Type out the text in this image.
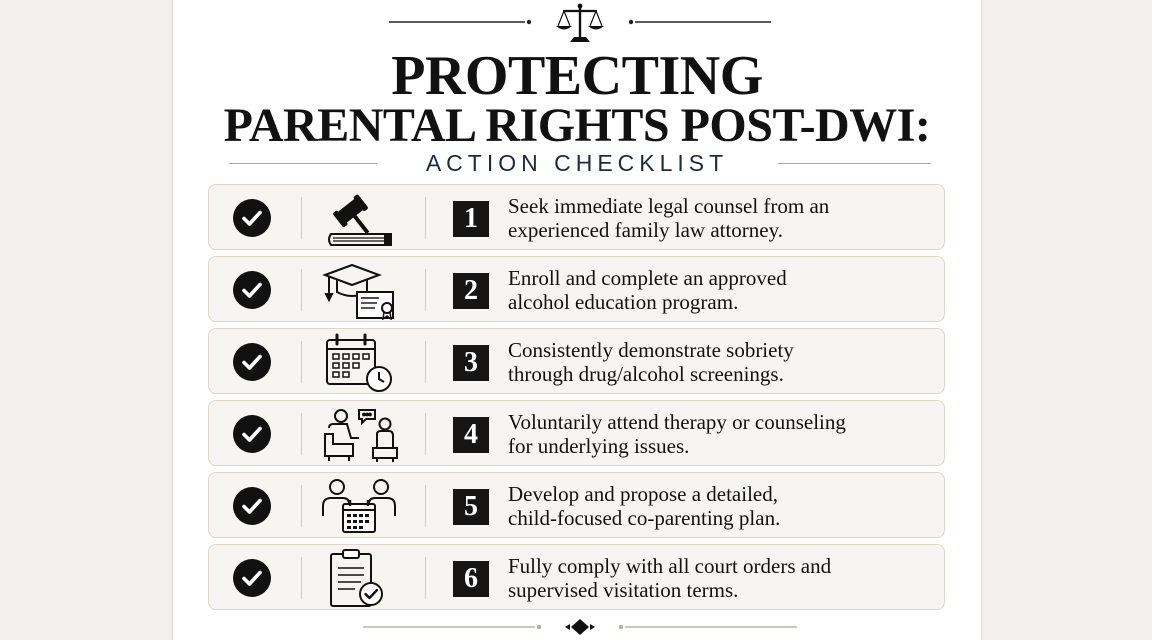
PROTECTING
PARENTAL RIGHTS POST-DWI:
ACTION CHECKLIST
1	Seek immediate legal counsel from an
experienced family law attorney.
2	Enroll and complete an approved
alcohol education program.
3	Consistently demonstrate sobriety
through drug/alcohol screenings.
4	Voluntarily attend therapy or counseling
for underlying issues.
5	Develop and propose a detailed,
child-focused co-parenting plan.
6	Fully comply with all court orders and
supervised visitation terms.
